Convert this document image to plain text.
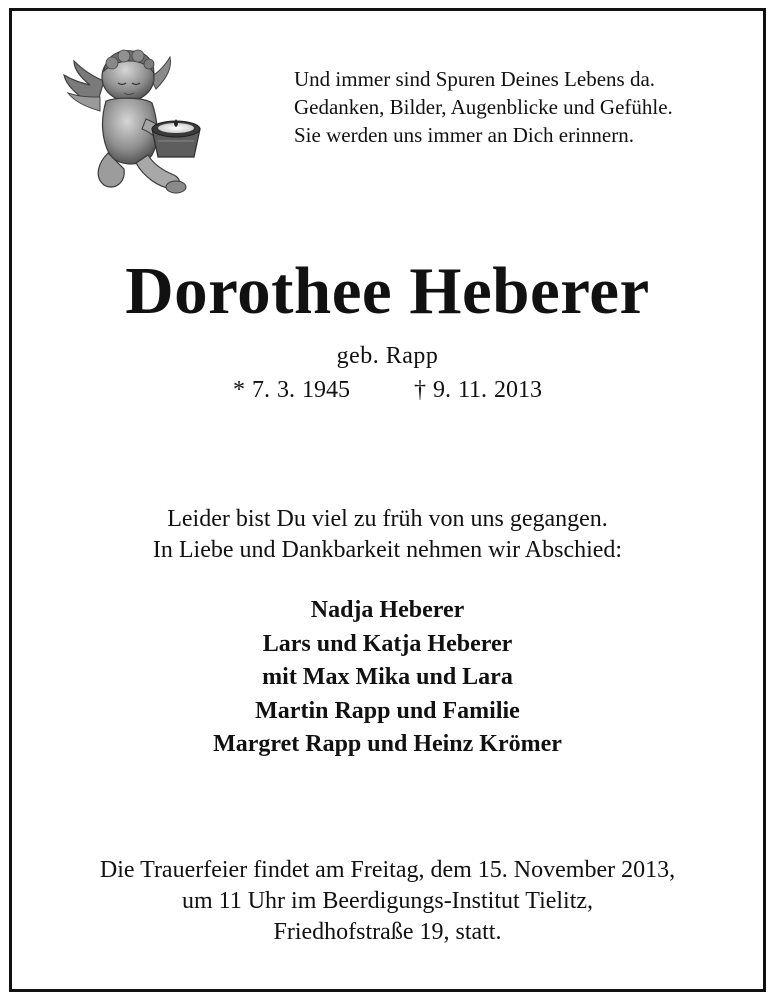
Und immer sind Spuren Deines Lebens da.
Gedanken, Bilder, Augenblicke und Gefühle.
Sie werden uns immer an Dich erinnern.
Dorothee Heberer
geb. Rapp
* 7. 3. 1945	† 9. 11. 2013
Leider bist Du viel zu früh von uns gegangen.
In Liebe und Dankbarkeit nehmen wir Abschied:
Nadja Heberer
Lars und Katja Heberer
mit Max Mika und Lara
Martin Rapp und Familie
Margret Rapp und Heinz Krömer
Die Trauerfeier findet am Freitag, dem 15. November 2013,
um 11 Uhr im Beerdigungs-Institut Tielitz,
Friedhofstraße 19, statt.
